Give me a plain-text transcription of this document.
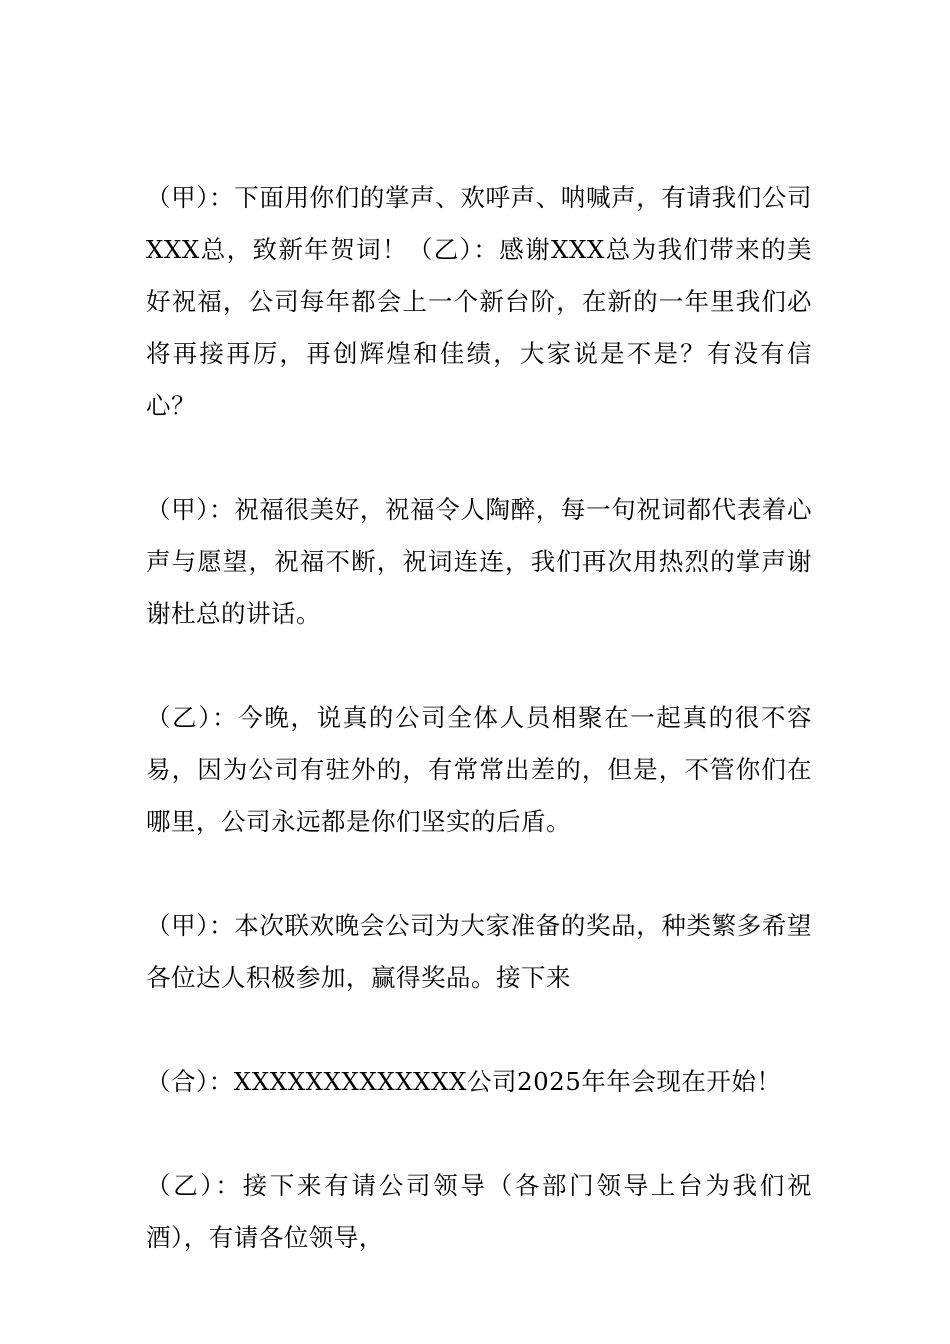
（甲）：下面用你们的掌声、欢呼声、呐喊声，有请我们公司XXX总，致新年贺词！（乙）：感谢XXX总为我们带来的美好祝福，公司每年都会上一个新台阶，在新的一年里我们必将再接再厉，再创辉煌和佳绩，大家说是不是？有没有信心？

（甲）：祝福很美好，祝福令人陶醉，每一句祝词都代表着心声与愿望，祝福不断，祝词连连，我们再次用热烈的掌声谢谢杜总的讲话。

（乙）：今晚，说真的公司全体人员相聚在一起真的很不容易，因为公司有驻外的，有常常出差的，但是，不管你们在哪里，公司永远都是你们坚实的后盾。

（甲）：本次联欢晚会公司为大家准备的奖品，种类繁多希望各位达人积极参加，赢得奖品。接下来

（合）：XXXXXXXXXXXXX公司2025年年会现在开始！

（乙）：接下来有请公司领导（各部门领导上台为我们祝酒），有请各位领导，
